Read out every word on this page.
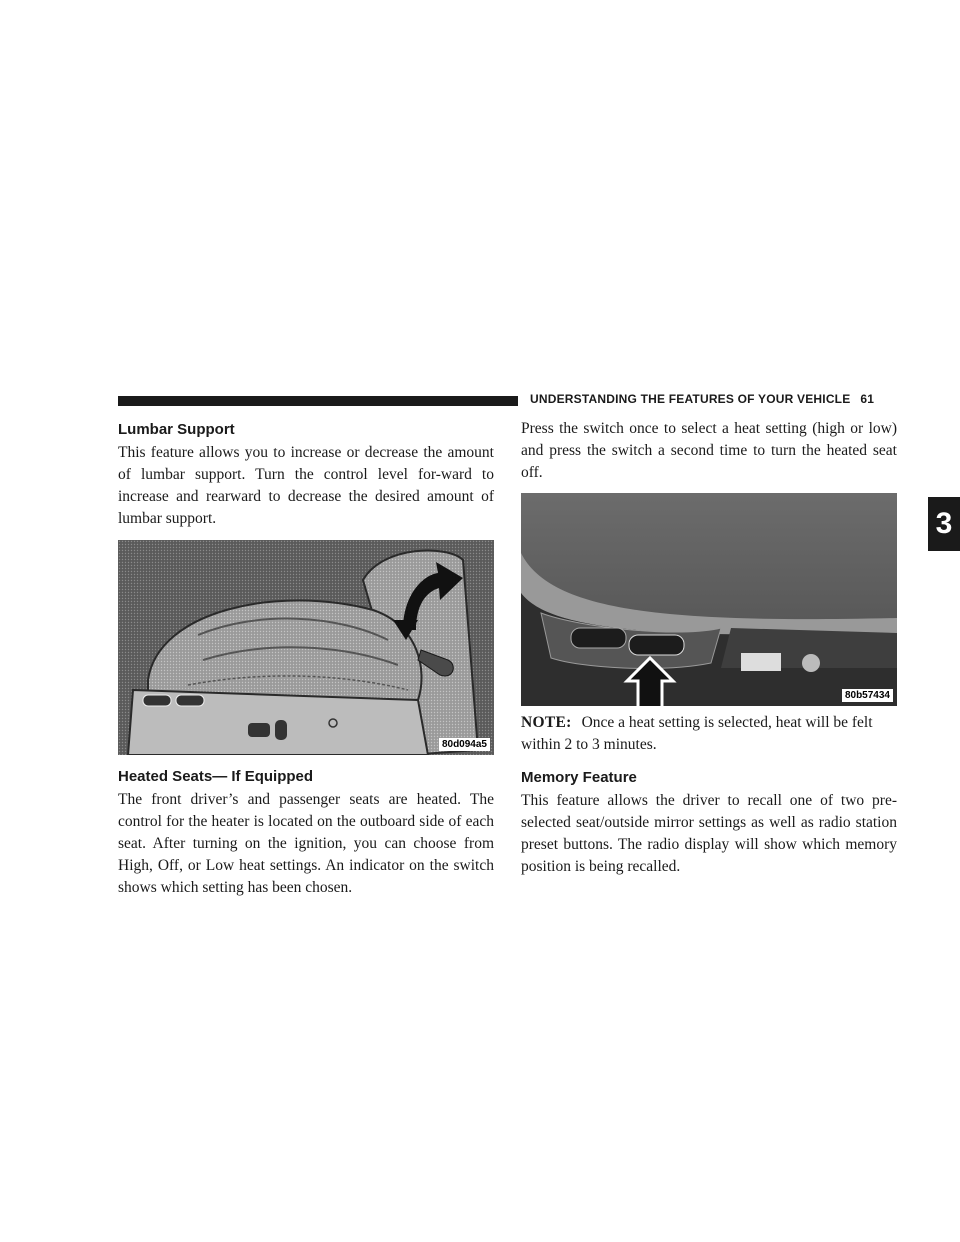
UNDERSTANDING THE FEATURES OF YOUR VEHICLE 61
3
Lumbar Support

This feature allows you to increase or decrease the amount of lumbar support. Turn the control level for-ward to increase and rearward to decrease the desired amount of lumbar support.

80d094a5
Heated Seats— If Equipped

The front driver’s and passenger seats are heated. The control for the heater is located on the outboard side of each seat. After turning on the ignition, you can choose from High, Off, or Low heat settings. An indicator on the switch shows which setting has been chosen.

Press the switch once to select a heat setting (high or low) and press the switch a second time to turn the heated seat off.

80b57434

NOTE: Once a heat setting is selected, heat will be felt within 2 to 3 minutes.

Memory Feature

This feature allows the driver to recall one of two pre-selected seat/outside mirror settings as well as radio station preset buttons. The radio display will show which memory position is being recalled.
